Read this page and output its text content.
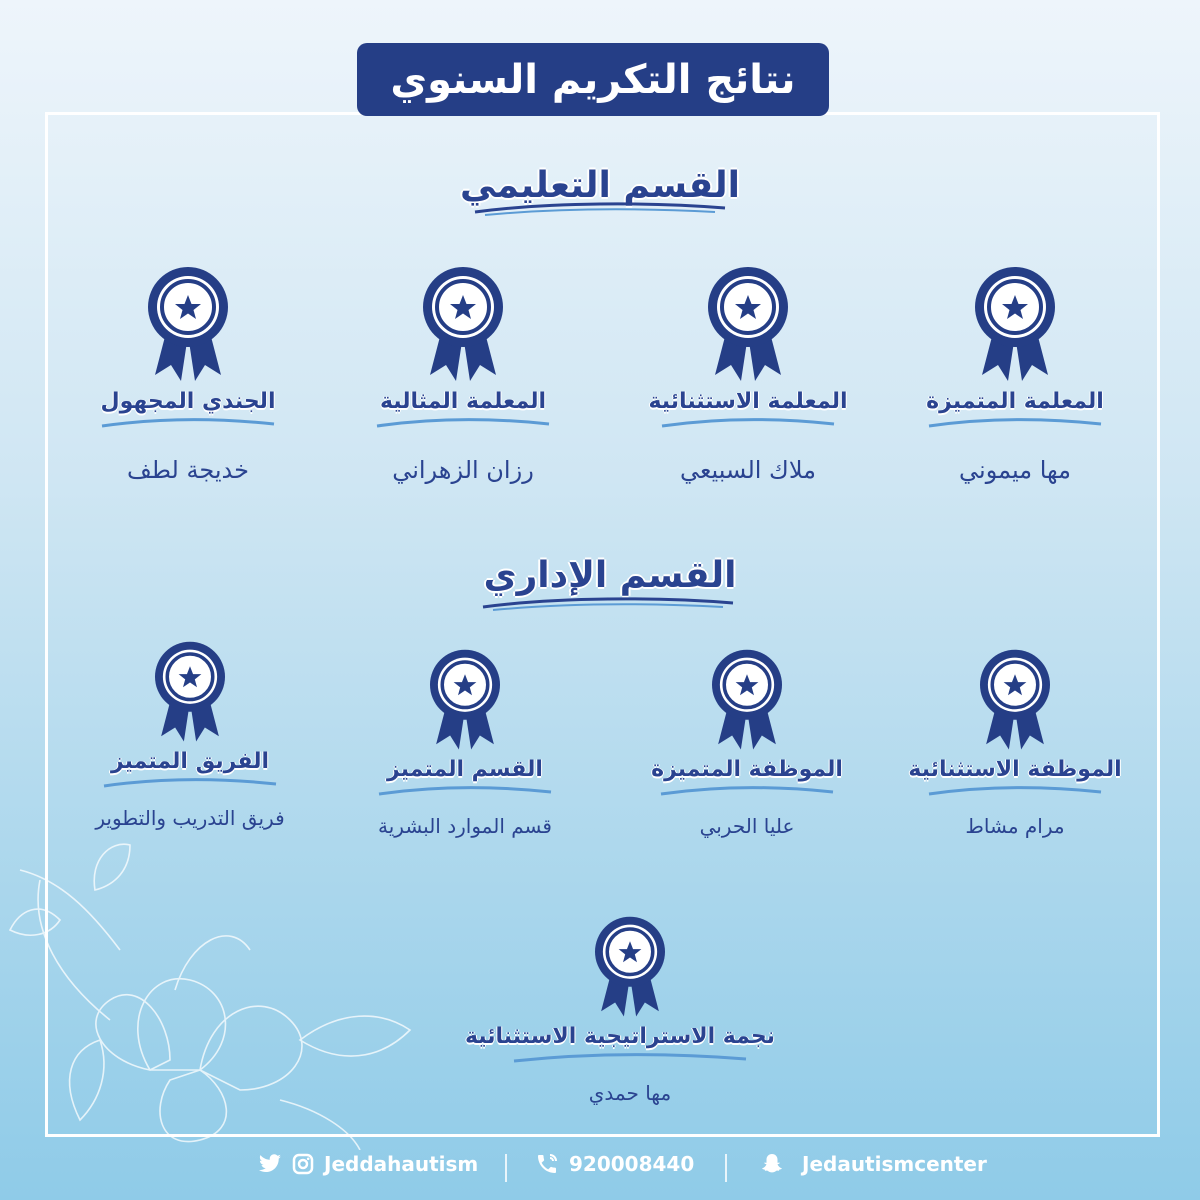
نتائج التكريم السنوي
القسم التعليمي
المعلمة المتميزة
مها ميموني
المعلمة الاستثنائية
ملاك السبيعي
المعلمة المثالية
رزان الزهراني
الجندي المجهول
خديجة لطف
القسم الإداري
الموظفة الاستثنائية
مرام مشاط
الموظفة المتميزة
عليا الحربي
القسم المتميز
قسم الموارد البشرية
الفريق المتميز
فريق التدريب والتطوير
نجمة الاستراتيجية الاستثنائية
مها حمدي
Jeddahautism	920008440	Jedautismcenter
